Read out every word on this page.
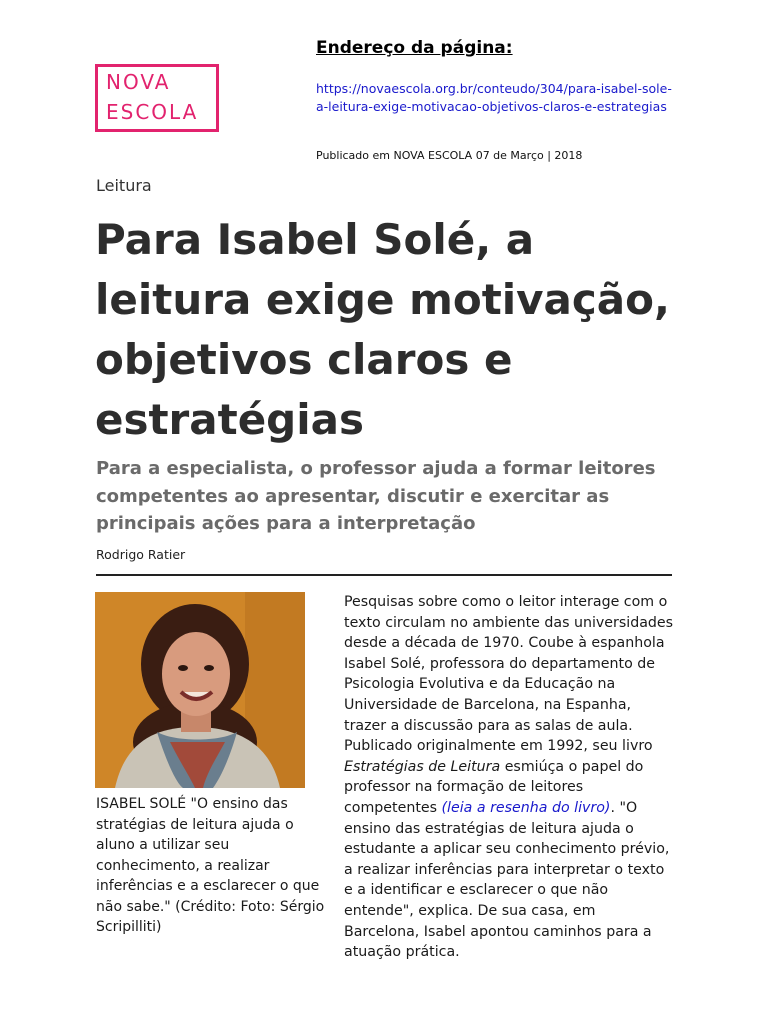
NOVA
ESCOLA
Endereço da página:
https://novaescola.org.br/conteudo/304/para-isabel-sole-a-leitura-exige-motivacao-objetivos-claros-e-estrategias
Publicado em NOVA ESCOLA 07 de Março | 2018
Leitura
Para Isabel Solé, a leitura exige motivação, objetivos claros e estratégias

Para a especialista, o professor ajuda a formar leitores competentes ao apresentar, discutir e exercitar as principais ações para a interpretação

Rodrigo Ratier
ISABEL SOLÉ "O ensino das stratégias de leitura ajuda o aluno a utilizar seu conhecimento, a realizar inferências e a esclarecer o que não sabe." (Crédito: Foto: Sérgio Scripilliti)
Pesquisas sobre como o leitor interage com o texto circulam no ambiente das universidades desde a década de 1970. Coube à espanhola Isabel Solé, professora do departamento de Psicologia Evolutiva e da Educação na Universidade de Barcelona, na Espanha, trazer a discussão para as salas de aula. Publicado originalmente em 1992, seu livro Estratégias de Leitura esmiúça o papel do professor na formação de leitores competentes (leia a resenha do livro). "O ensino das estratégias de leitura ajuda o estudante a aplicar seu conhecimento prévio, a realizar inferências para interpretar o texto e a identificar e esclarecer o que não entende", explica. De sua casa, em Barcelona, Isabel apontou caminhos para a atuação prática.
